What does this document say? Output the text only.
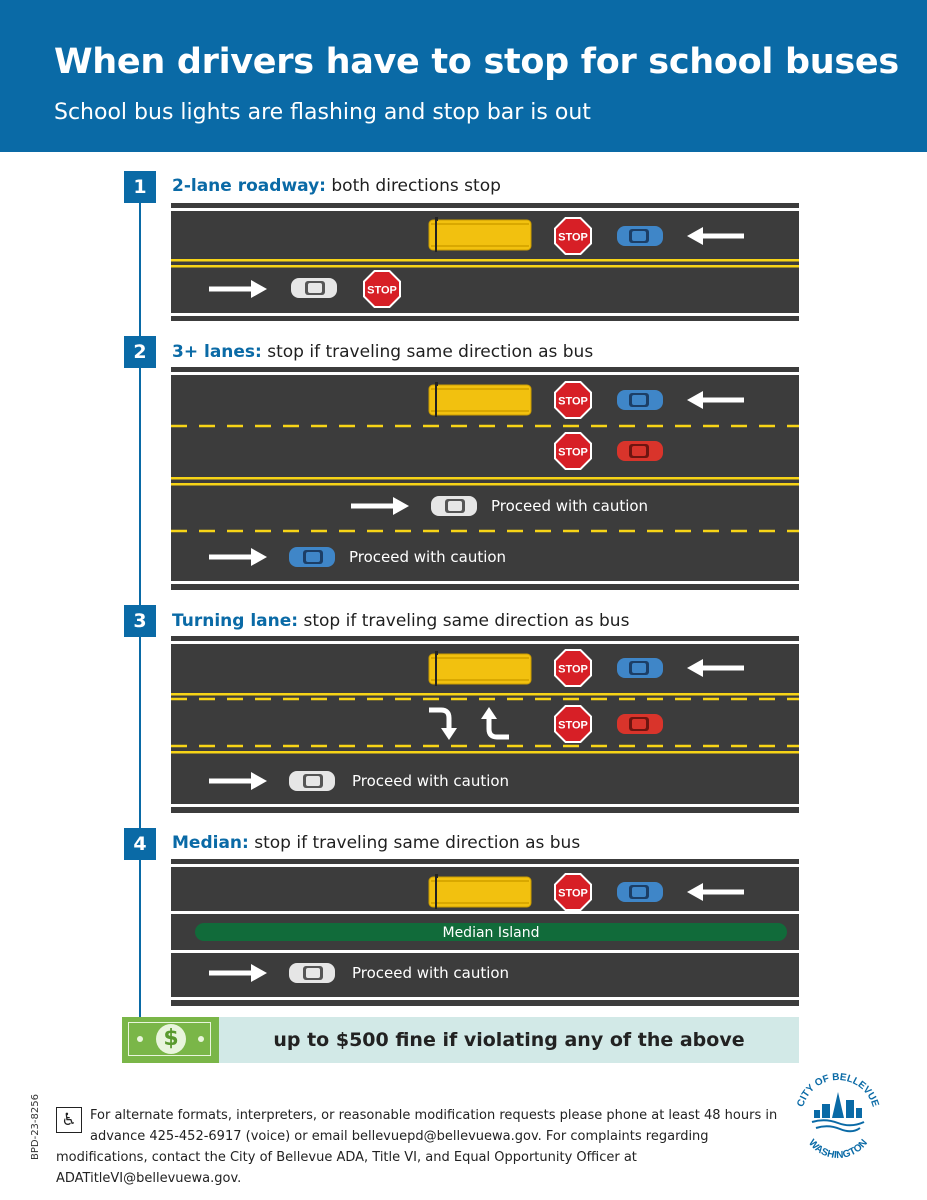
When drivers have to stop for school buses
School bus lights are flashing and stop bar is out
1	2-lane roadway: both directions stop
STOP
STOP
2	3+ lanes: stop if traveling same direction as bus
STOP
STOP
Proceed with caution
Proceed with caution
3	Turning lane: stop if traveling same direction as bus
STOP
STOP
Proceed with caution
4	Median: stop if traveling same direction as bus
Median Island
STOP
Proceed with caution
$	up to $500 fine if violating any of the above
BPD-23-8256	♿	For alternate formats, interpreters, or reasonable modification requests please phone at least 48 hours in advance 425-452-6917 (voice) or email bellevuepd@bellevuewa.gov. For complaints regarding modifications, contact the City of Bellevue ADA, Title VI, and Equal Opportunity Officer at ADATitleVI@bellevuewa.gov.
CITY OF BELLEVUE
WASHINGTON
